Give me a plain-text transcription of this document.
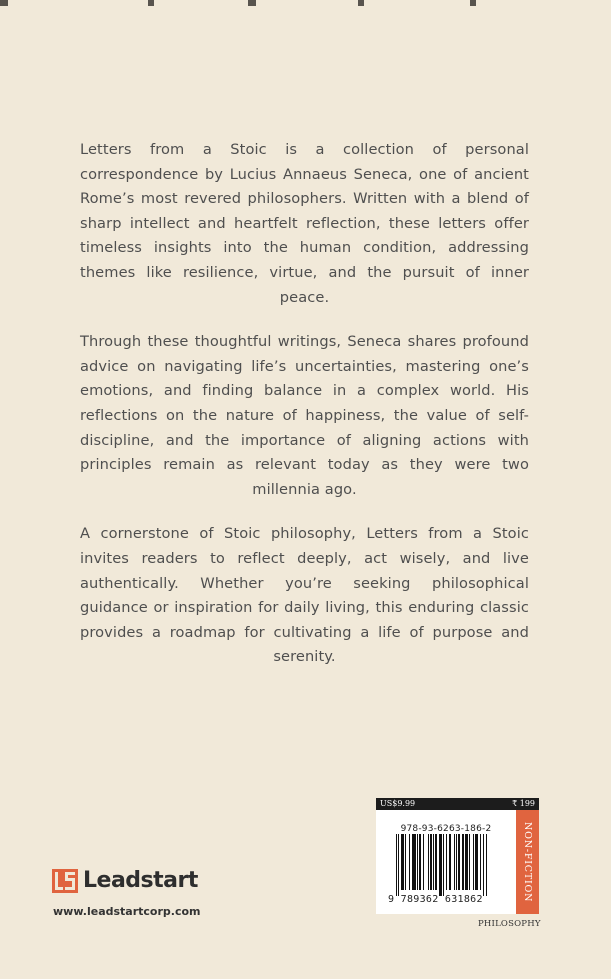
Letters from a Stoic is a collection of personal correspondence by Lucius Annaeus Seneca, one of ancient Rome’s most revered philosophers. Written with a blend of sharp intellect and heartfelt reflection, these letters offer timeless insights into the human condition, addressing themes like resilience, virtue, and the pursuit of inner peace.

Through these thoughtful writings, Seneca shares profound advice on navigating life’s uncertainties, mastering one’s emotions, and finding balance in a complex world. His reflections on the nature of happiness, the value of self-discipline, and the importance of aligning actions with principles remain as relevant today as they were two millennia ago.

A cornerstone of Stoic philosophy, Letters from a Stoic invites readers to reflect deeply, act wisely, and live authentically. Whether you’re seeking philosophical guidance or inspiration for daily living, this enduring classic provides a roadmap for cultivating a life of purpose and serenity.

Leadstart
www.leadstartcorp.com
US$9.99	₹ 199
978-93-6263-186-2
9 789362 631862	NON-FICTION
PHILOSOPHY
